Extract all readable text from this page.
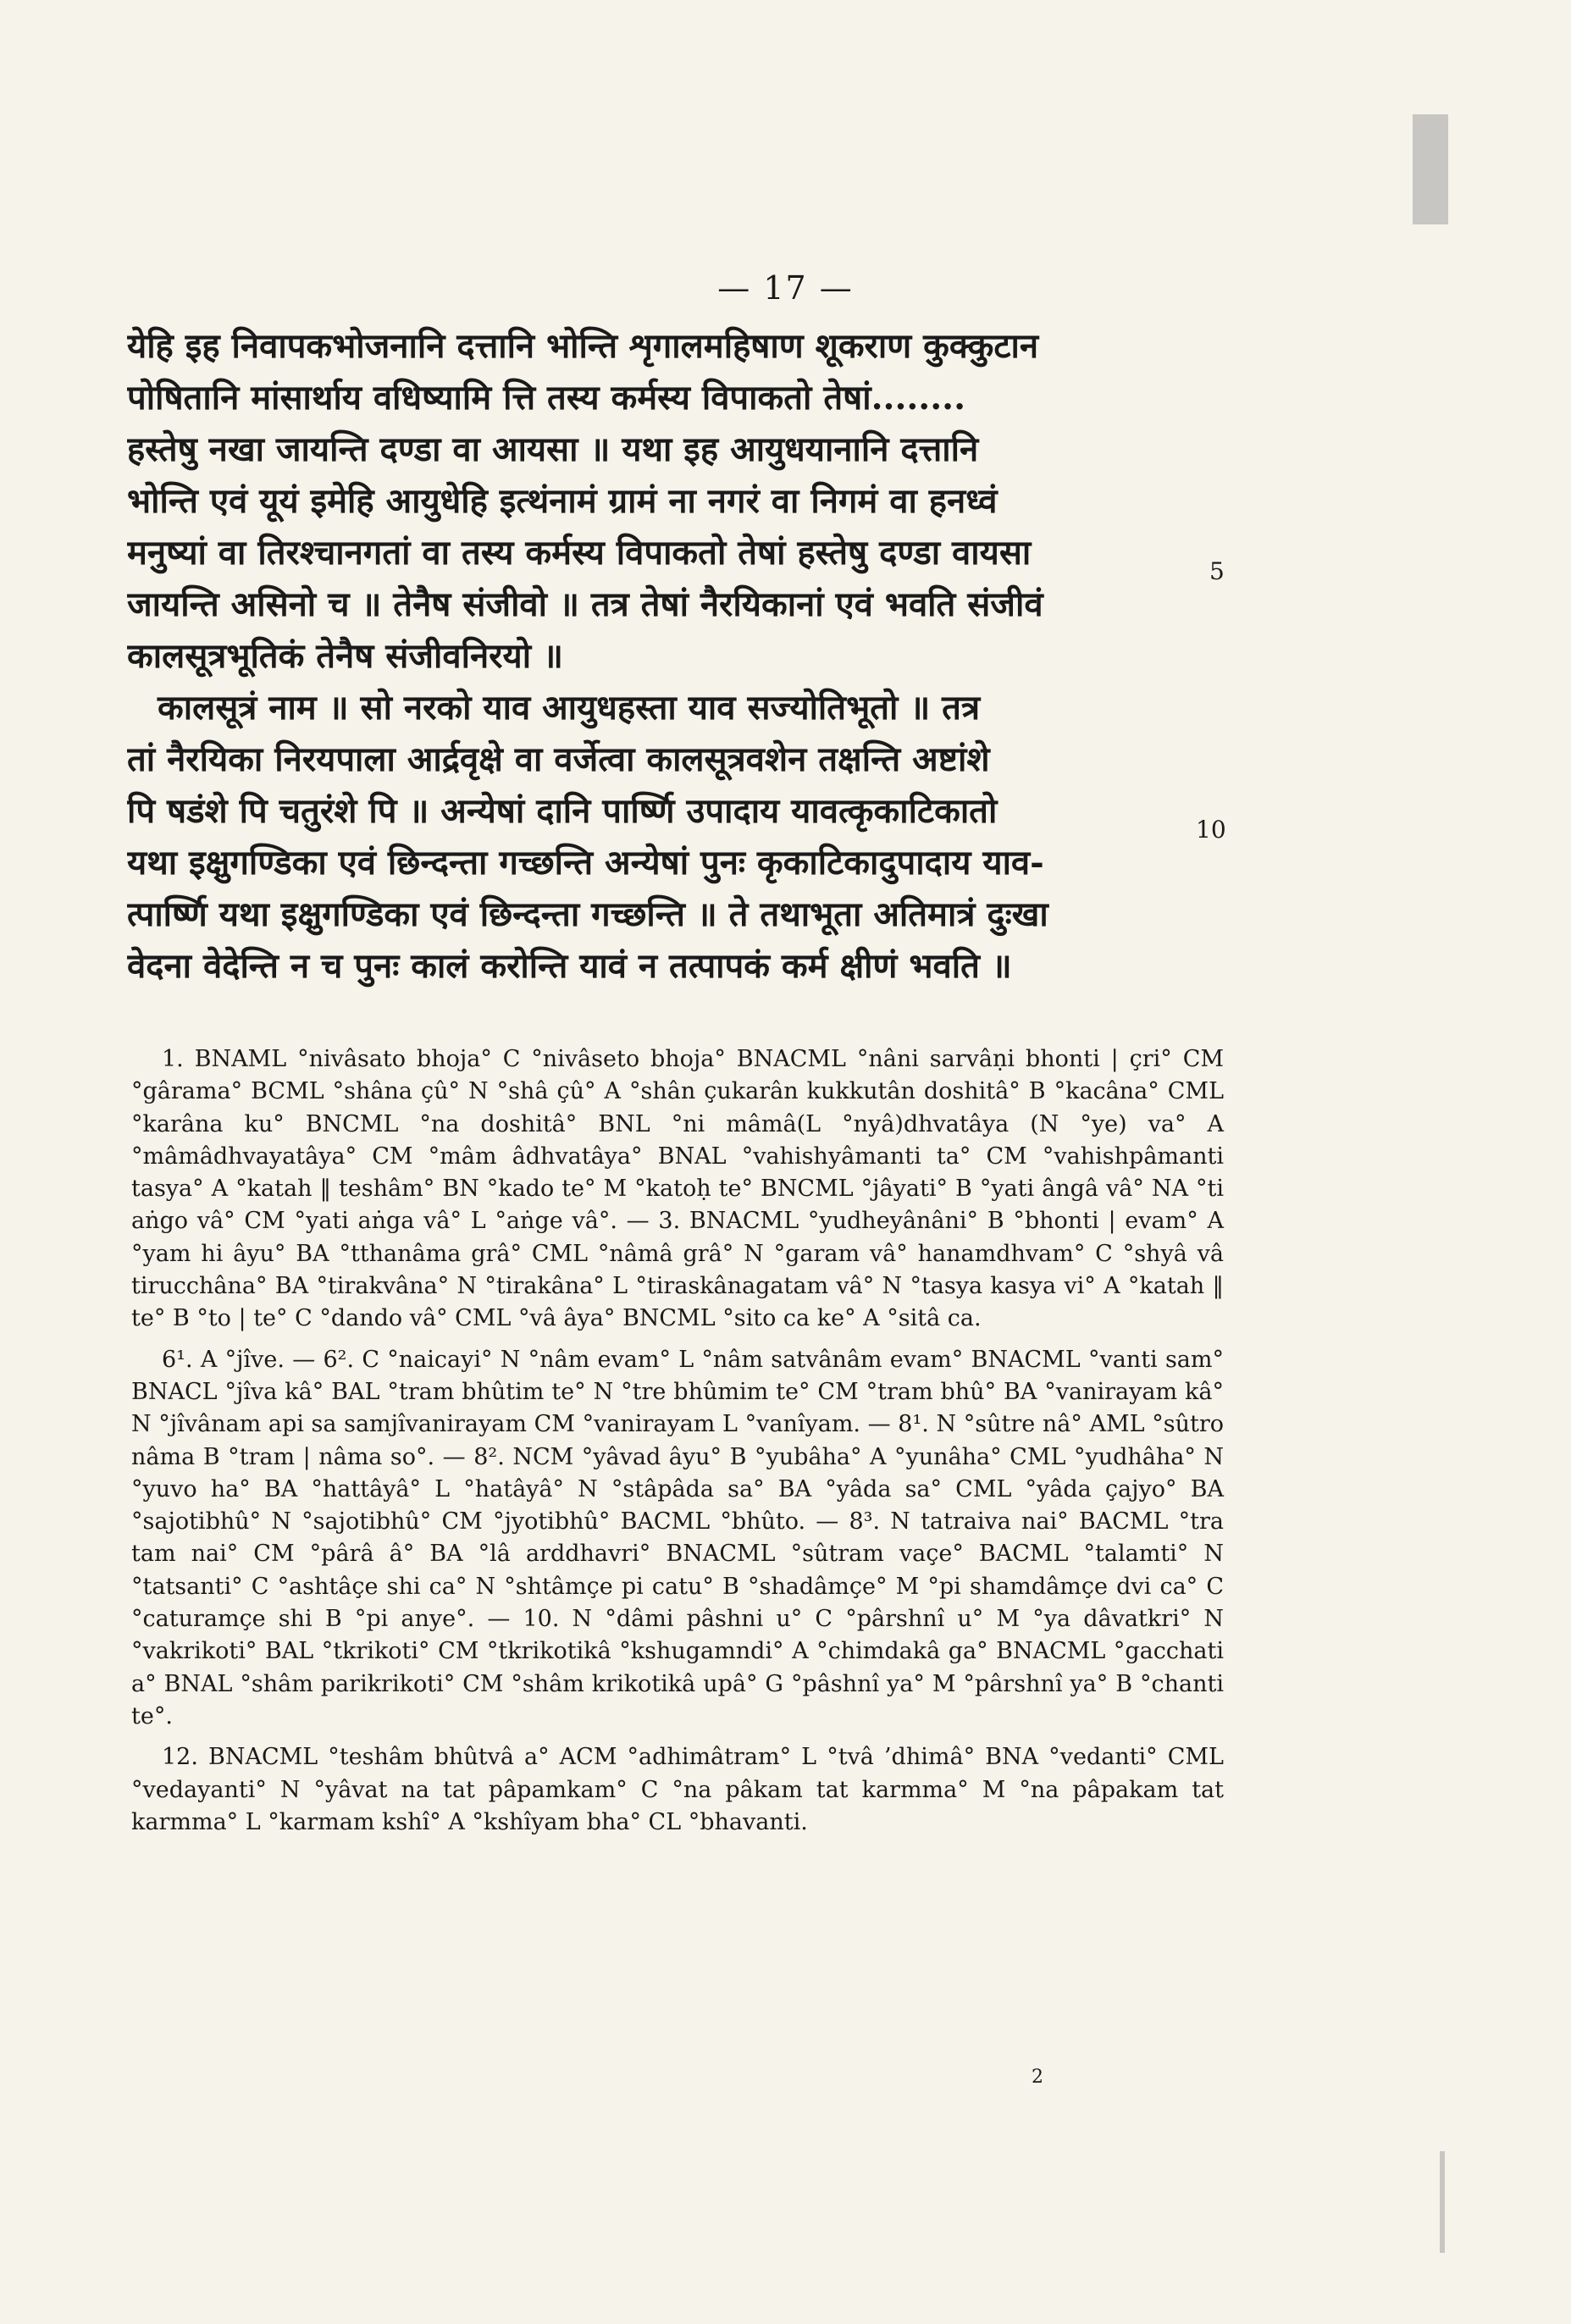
— 17 —
येहि इह निवापकभोजनानि दत्तानि भोन्ति शृगालमहिषाण शूकराण कुक्कुटान
पोषितानि मांसार्थाय वधिष्यामि त्ति तस्य कर्मस्य विपाकतो तेषां........
हस्तेषु नखा जायन्ति दण्डा वा आयसा ॥ यथा इह आयुधयानानि दत्तानि
भोन्ति एवं यूयं इमेहि आयुधेहि इत्थंनामं ग्रामं ना नगरं वा निगमं वा हनध्वं
मनुष्यां वा तिरश्चानगतां वा तस्य कर्मस्य विपाकतो तेषां हस्तेषु दण्डा वायसा
जायन्ति असिनो च ॥ तेनैष संजीवो ॥ तत्र तेषां नैरयिकानां एवं भवति संजीवं
कालसूत्रभूतिकं तेनैष संजीवनिरयो ॥
कालसूत्रं नाम ॥ सो नरको याव आयुधहस्ता याव सज्योतिभूतो ॥ तत्र
तां नैरयिका निरयपाला आर्द्रवृक्षे वा वर्जेत्वा कालसूत्रवशेन तक्षन्ति अष्टांशे
पि षडंशे पि चतुरंशे पि ॥ अन्येषां दानि पार्ष्णि उपादाय यावत्कृकाटिकातो
यथा इक्षुगण्डिका एवं छिन्दन्ता गच्छन्ति अन्येषां पुनः कृकाटिकादुपादाय याव-
त्पार्ष्णि यथा इक्षुगण्डिका एवं छिन्दन्ता गच्छन्ति ॥ ते तथाभूता अतिमात्रं दुःखा
वेदना वेदेन्ति न च पुनः कालं करोन्ति यावं न तत्पापकं कर्म क्षीणं भवति ॥
5
10

1. BNAML °nivâsato bhoja° C °nivâseto bhoja° BNACML °nâni sarvâṇi bhonti | çri° CM °gârama° BCML °shâna çû° N °shâ çû° A °shân çukarân kukkutân doshitâ° B °kacâna° CML °karâna ku° BNCML °na doshitâ° BNL °ni mâmâ(L °nyâ)dhvatâya (N °ye) va° A °mâmâdhvayatâya° CM °mâm âdhvatâya° BNAL °vahishyâmanti ta° CM °vahishpâmanti tasya° A °katah ‖ teshâm° BN °kado te° M °katoḥ te° BNCML °jâyati° B °yati ângâ vâ° NA °ti aṅgo vâ° CM °yati aṅga vâ° L °aṅge vâ°. — 3. BNACML °yudheyânâni° B °bhonti | evam° A °yam hi âyu° BA °tthanâma grâ° CML °nâmâ grâ° N °garam vâ° hanamdhvam° C °shyâ vâ tirucchâna° BA °tirakvâna° N °tirakâna° L °tiraskânagatam vâ° N °tasya kasya vi° A °katah ‖ te° B °to | te° C °dando vâ° CML °vâ âya° BNCML °sito ca ke° A °sitâ ca.

6¹. A °jîve. — 6². C °naicayi° N °nâm evam° L °nâm satvânâm evam° BNACML °vanti sam° BNACL °jîva kâ° BAL °tram bhûtim te° N °tre bhûmim te° CM °tram bhû° BA °vanirayam kâ° N °jîvânam api sa samjîvanirayam CM °vanirayam L °vanîyam. — 8¹. N °sûtre nâ° AML °sûtro nâma B °tram | nâma so°. — 8². NCM °yâvad âyu° B °yubâha° A °yunâha° CML °yudhâha° N °yuvo ha° BA °hattâyâ° L °hatâyâ° N °stâpâda sa° BA °yâda sa° CML °yâda çajyo° BA °sajotibhû° N °sajotibhû° CM °jyotibhû° BACML °bhûto. — 8³. N tatraiva nai° BACML °tra tam nai° CM °pârâ â° BA °lâ arddhavri° BNACML °sûtram vaçe° BACML °talamti° N °tatsanti° C °ashtâçe shi ca° N °shtâmçe pi catu° B °shadâmçe° M °pi shamdâmçe dvi ca° C °caturamçe shi B °pi anye°. — 10. N °dâmi pâshni u° C °pârshnî u° M °ya dâvatkri° N °vakrikoti° BAL °tkrikoti° CM °tkrikotikâ °kshugamndi° A °chimdakâ ga° BNACML °gacchati a° BNAL °shâm parikrikoti° CM °shâm krikotikâ upâ° G °pâshnî ya° M °pârshnî ya° B °chanti te°.

12. BNACML °teshâm bhûtvâ a° ACM °adhimâtram° L °tvâ ’dhimâ° BNA °vedanti° CML °vedayanti° N °yâvat na tat pâpamkam° C °na pâkam tat karmma° M °na pâpakam tat karmma° L °karmam kshî° A °kshîyam bha° CL °bhavanti.

2
